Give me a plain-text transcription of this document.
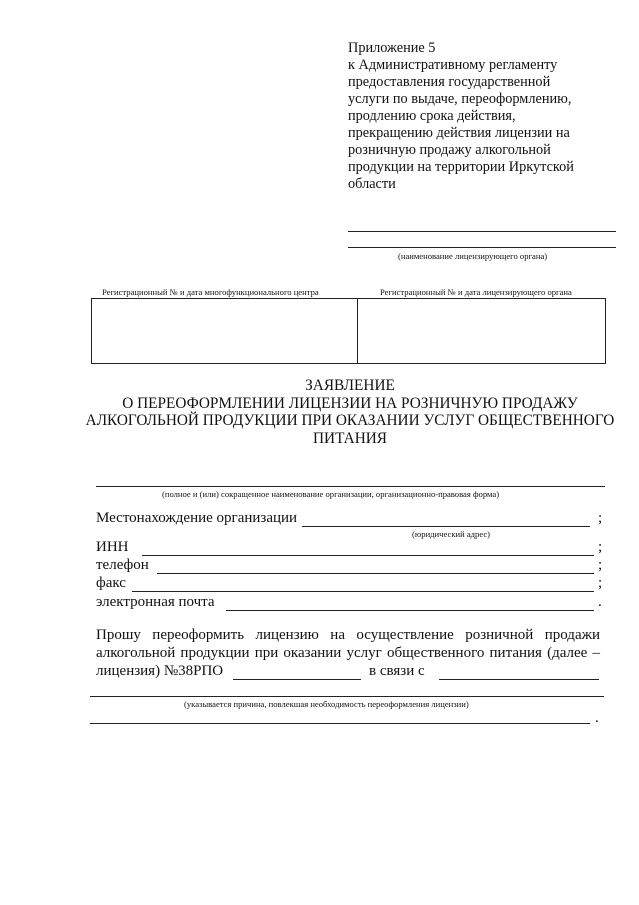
Приложение 5
к Административному регламенту
предоставления государственной
услуги по выдаче, переоформлению,
продлению срока действия,
прекращению действия лицензии на
розничную продажу алкогольной
продукции на территории Иркутской
области
(наименование лицензирующего органа)
Регистрационный № и дата многофункционального центра	Регистрационный № и дата лицензирующего органа
ЗАЯВЛЕНИЕ
О ПЕРЕОФОРМЛЕНИИ ЛИЦЕНЗИИ НА РОЗНИЧНУЮ ПРОДАЖУ
АЛКОГОЛЬНОЙ ПРОДУКЦИИ ПРИ ОКАЗАНИИ УСЛУГ ОБЩЕСТВЕННОГО
ПИТАНИЯ
(полное и (или) сокращенное наименование организации, организационно-правовая форма)
Местонахождение организации	;
(юридический адрес)
ИНН	;
телефон	;
факс	;
электронная почта	.
Прошу переоформить лицензию на осуществление розничной продажи
алкогольной продукции при оказании услуг общественного питания (далее –
лицензия) №38РПО	в связи с
(указывается причина, повлекшая необходимость переоформления лицензии)
.
